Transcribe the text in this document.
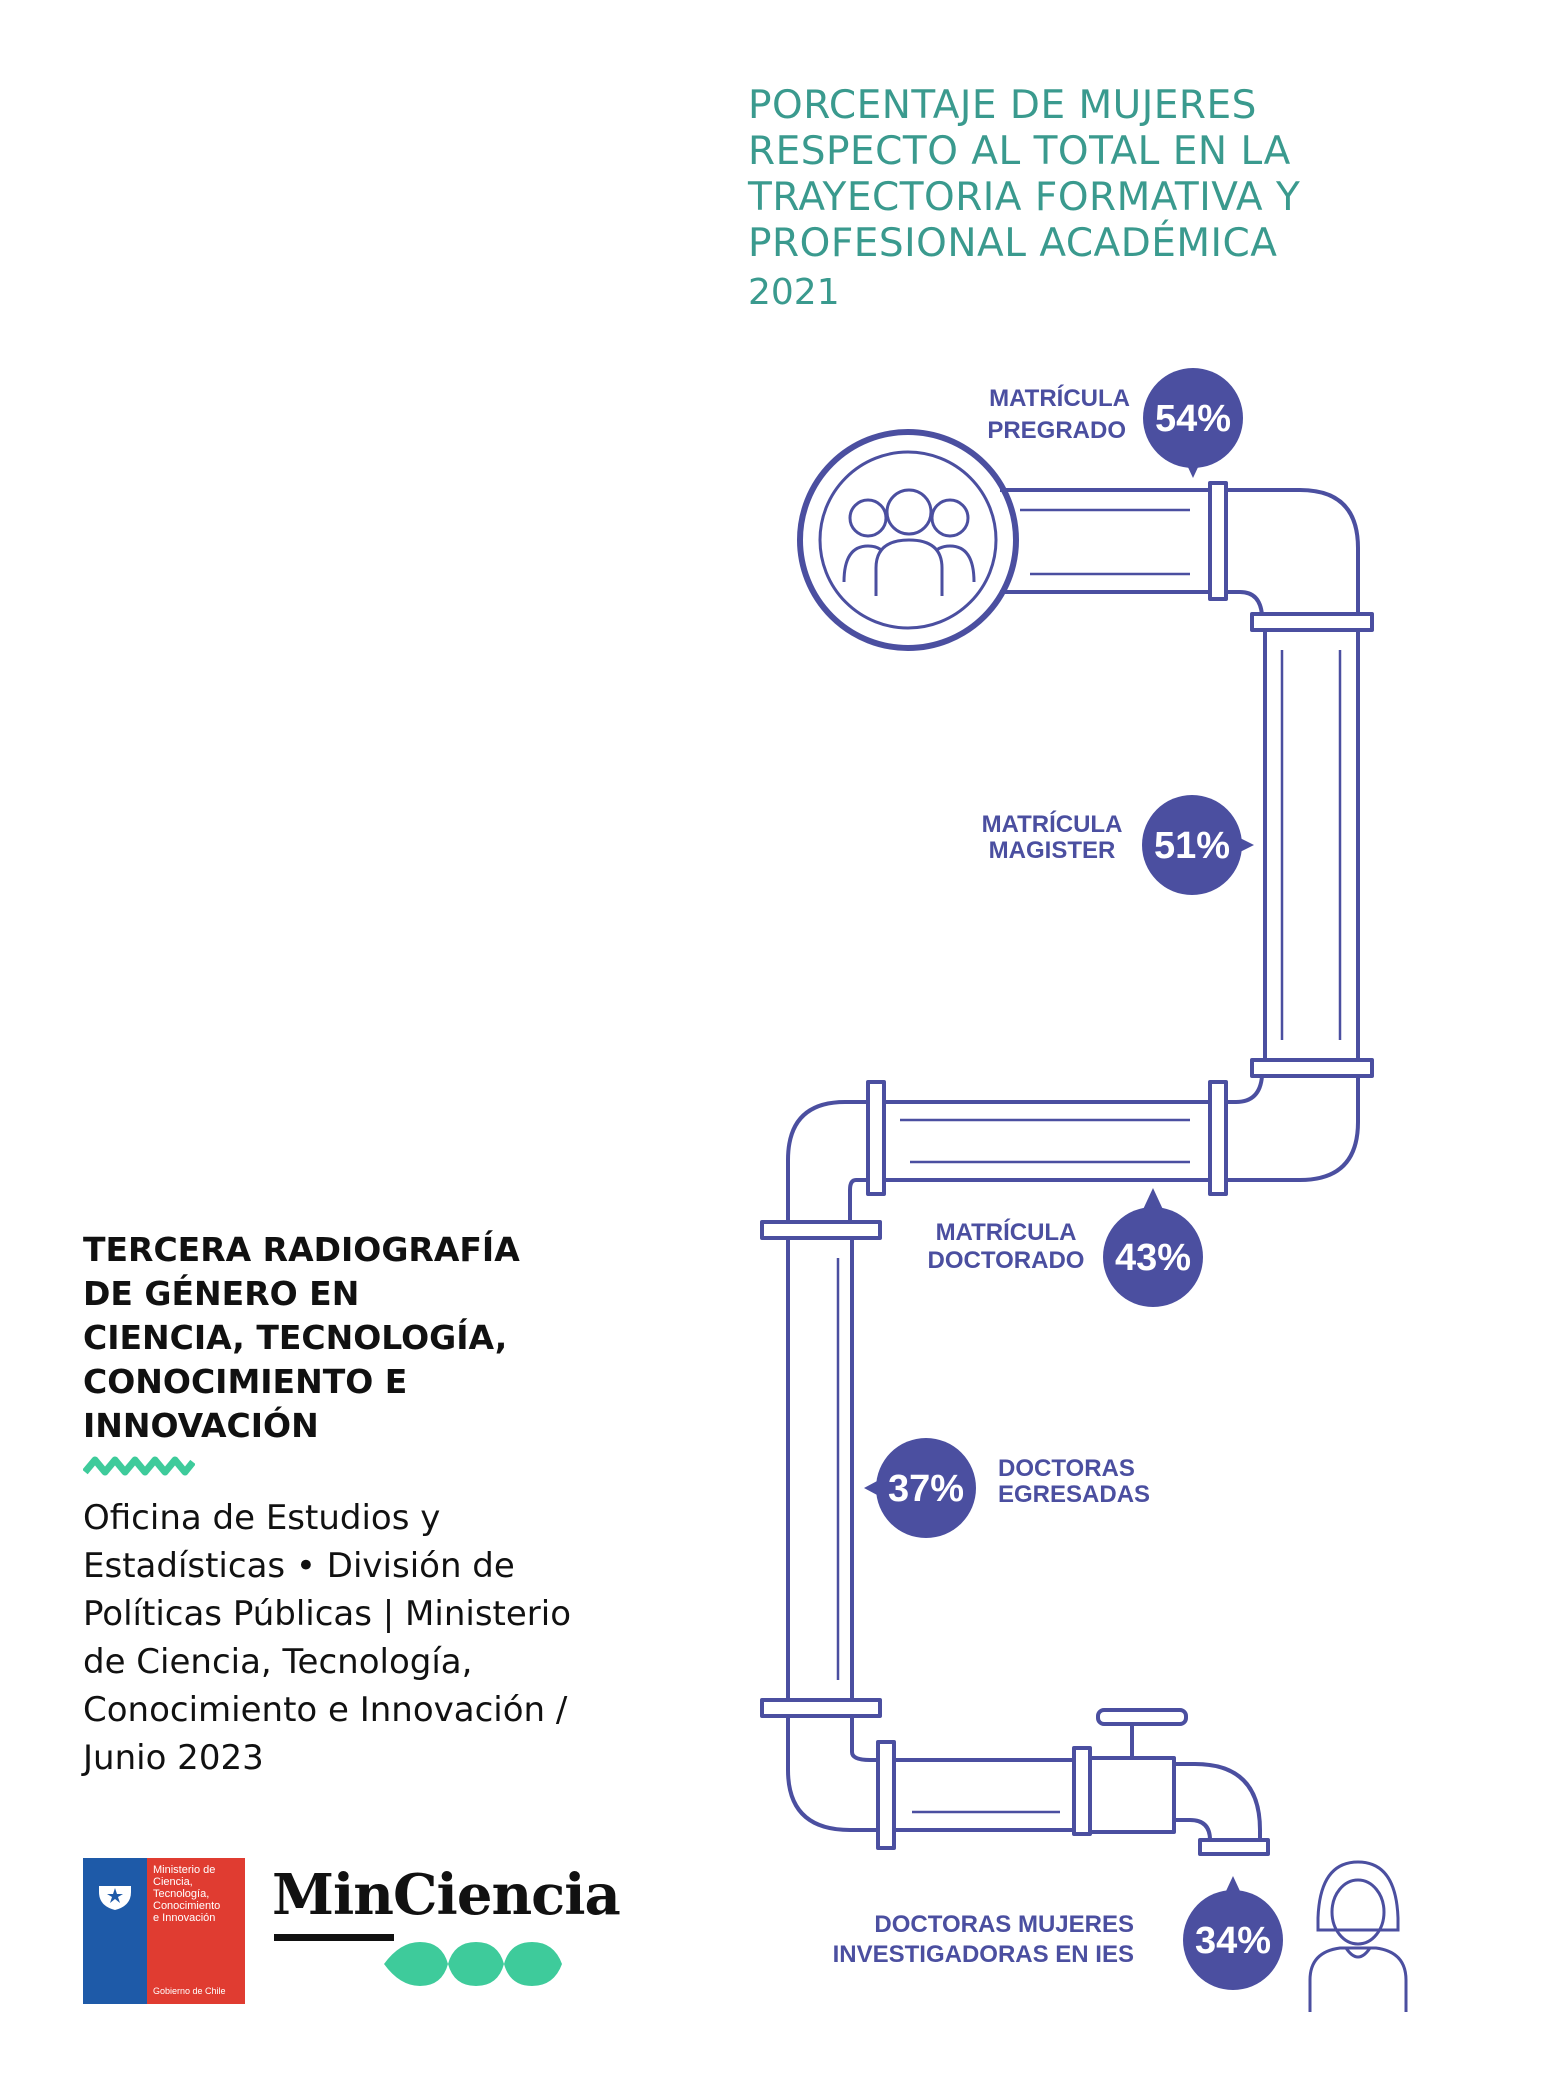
PORCENTAJE DE MUJERES
RESPECTO AL TOTAL EN LA
TRAYECTORIA FORMATIVA Y
PROFESIONAL ACADÉMICA
2021
54%
MATRÍCULA
PREGRADO
51%
MATRÍCULA
MAGISTER
43%
MATRÍCULA
DOCTORADO
37% DOCTORAS
EGRESADAS
34%
DOCTORAS MUJERES
INVESTIGADORAS EN IES
TERCERA RADIOGRAFÍA
DE GÉNERO EN
CIENCIA, TECNOLOGÍA,
CONOCIMIENTO E
INNOVACIÓN
Oficina de Estudios y
Estadísticas • División de
Políticas Públicas | Ministerio
de Ciencia, Tecnología,
Conocimiento e Innovación /
Junio 2023
Ministerio de
Ciencia,
Tecnología,
Conocimiento
e Innovación
Gobierno de Chile
MinCiencia
